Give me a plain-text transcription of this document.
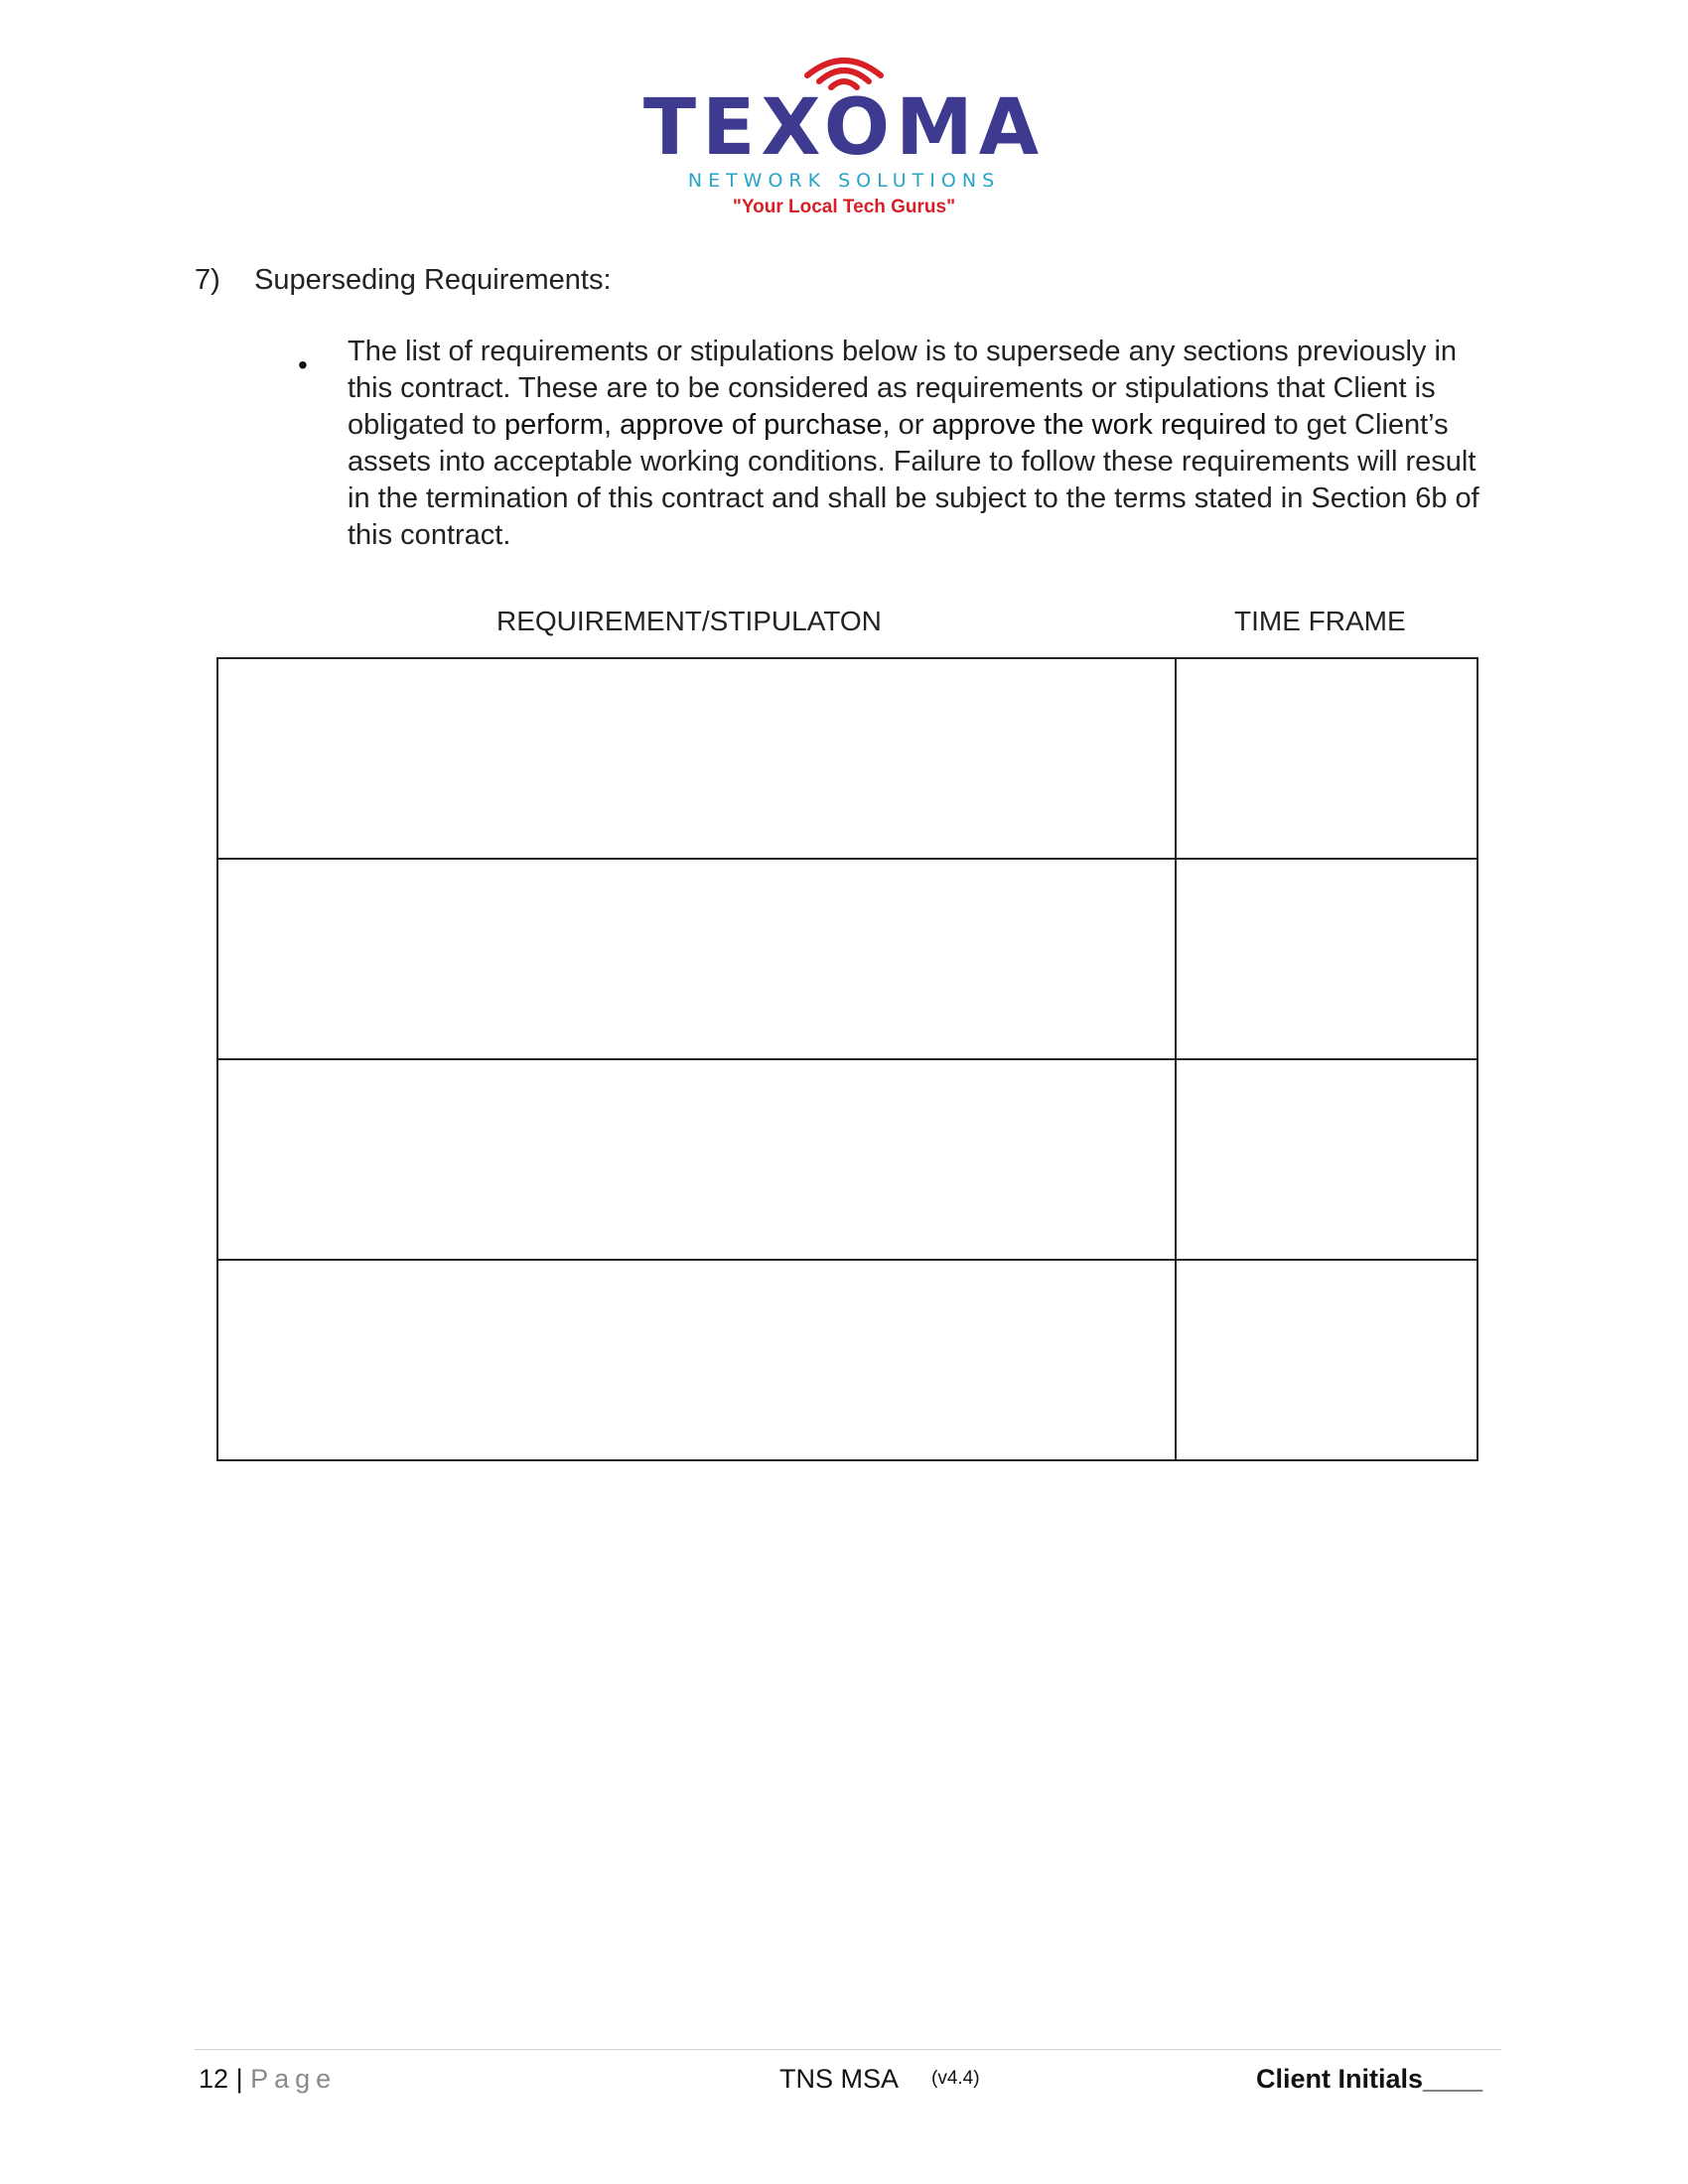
TEXOMA
NETWORK SOLUTIONS
"Your Local Tech Gurus"
7) Superseding Requirements:
• The list of requirements or stipulations below is to supersede any sections previously in this contract. These are to be considered as requirements or stipulations that Client is obligated to perform, approve of purchase, or approve the work required to get Client’s assets into acceptable working conditions. Failure to follow these requirements will result in the termination of this contract and shall be subject to the terms stated in Section 6b of this contract.
REQUIREMENT/STIPULATON	TIME FRAME

12 | Page	TNS MSA (v4.4)	Client Initials____
